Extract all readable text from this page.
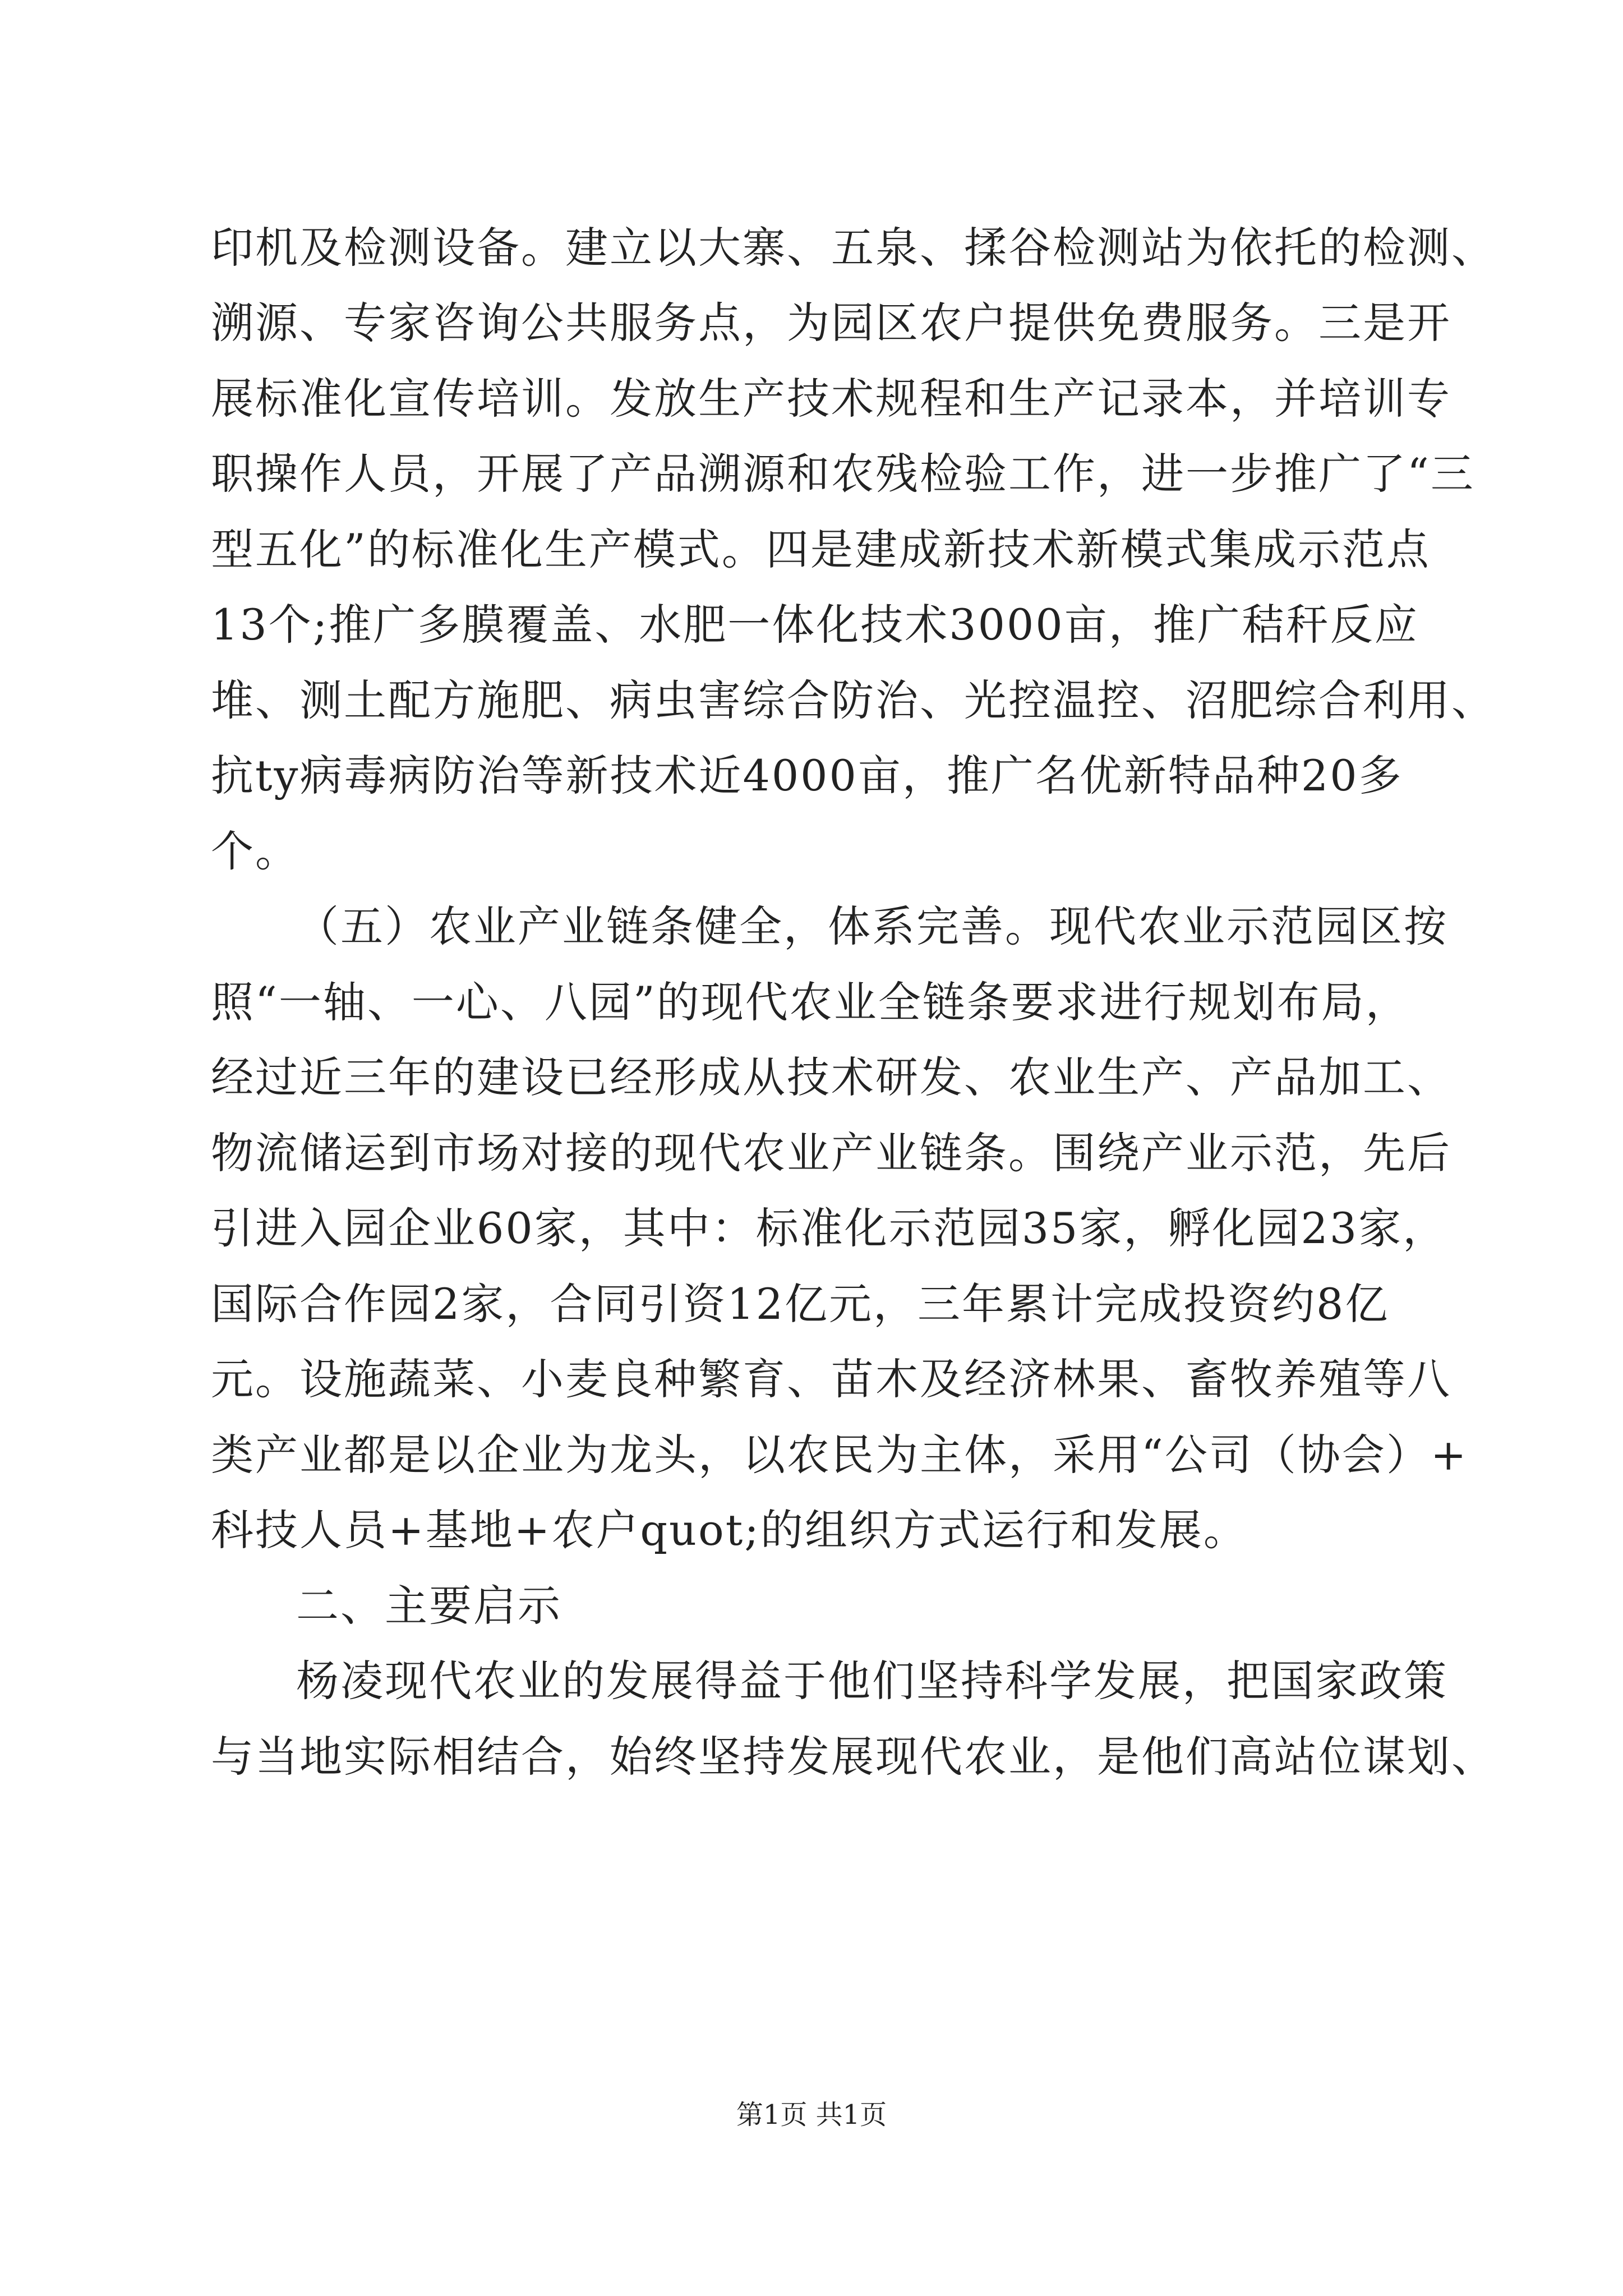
印机及检测设备。建立以大寨、五泉、揉谷检测站为依托的检测、
溯源、专家咨询公共服务点，为园区农户提供免费服务。三是开
展标准化宣传培训。发放生产技术规程和生产记录本，并培训专
职操作人员，开展了产品溯源和农残检验工作，进一步推广了“三
型五化”的标准化生产模式。四是建成新技术新模式集成示范点
13个;推广多膜覆盖、水肥一体化技术3000亩，推广秸秆反应
堆、测土配方施肥、病虫害综合防治、光控温控、沼肥综合利用、
抗ty病毒病防治等新技术近4000亩，推广名优新特品种20多
个。
（五）农业产业链条健全，体系完善。现代农业示范园区按
照“一轴、一心、八园”的现代农业全链条要求进行规划布局，
经过近三年的建设已经形成从技术研发、农业生产、产品加工、
物流储运到市场对接的现代农业产业链条。围绕产业示范，先后
引进入园企业60家，其中：标准化示范园35家，孵化园23家，
国际合作园2家，合同引资12亿元，三年累计完成投资约8亿
元。设施蔬菜、小麦良种繁育、苗木及经济林果、畜牧养殖等八
类产业都是以企业为龙头，以农民为主体，采用“公司（协会）+
科技人员+基地+农户quot;的组织方式运行和发展。
二、主要启示
杨凌现代农业的发展得益于他们坚持科学发展，把国家政策
与当地实际相结合，始终坚持发展现代农业，是他们高站位谋划、
第1页 共1页
